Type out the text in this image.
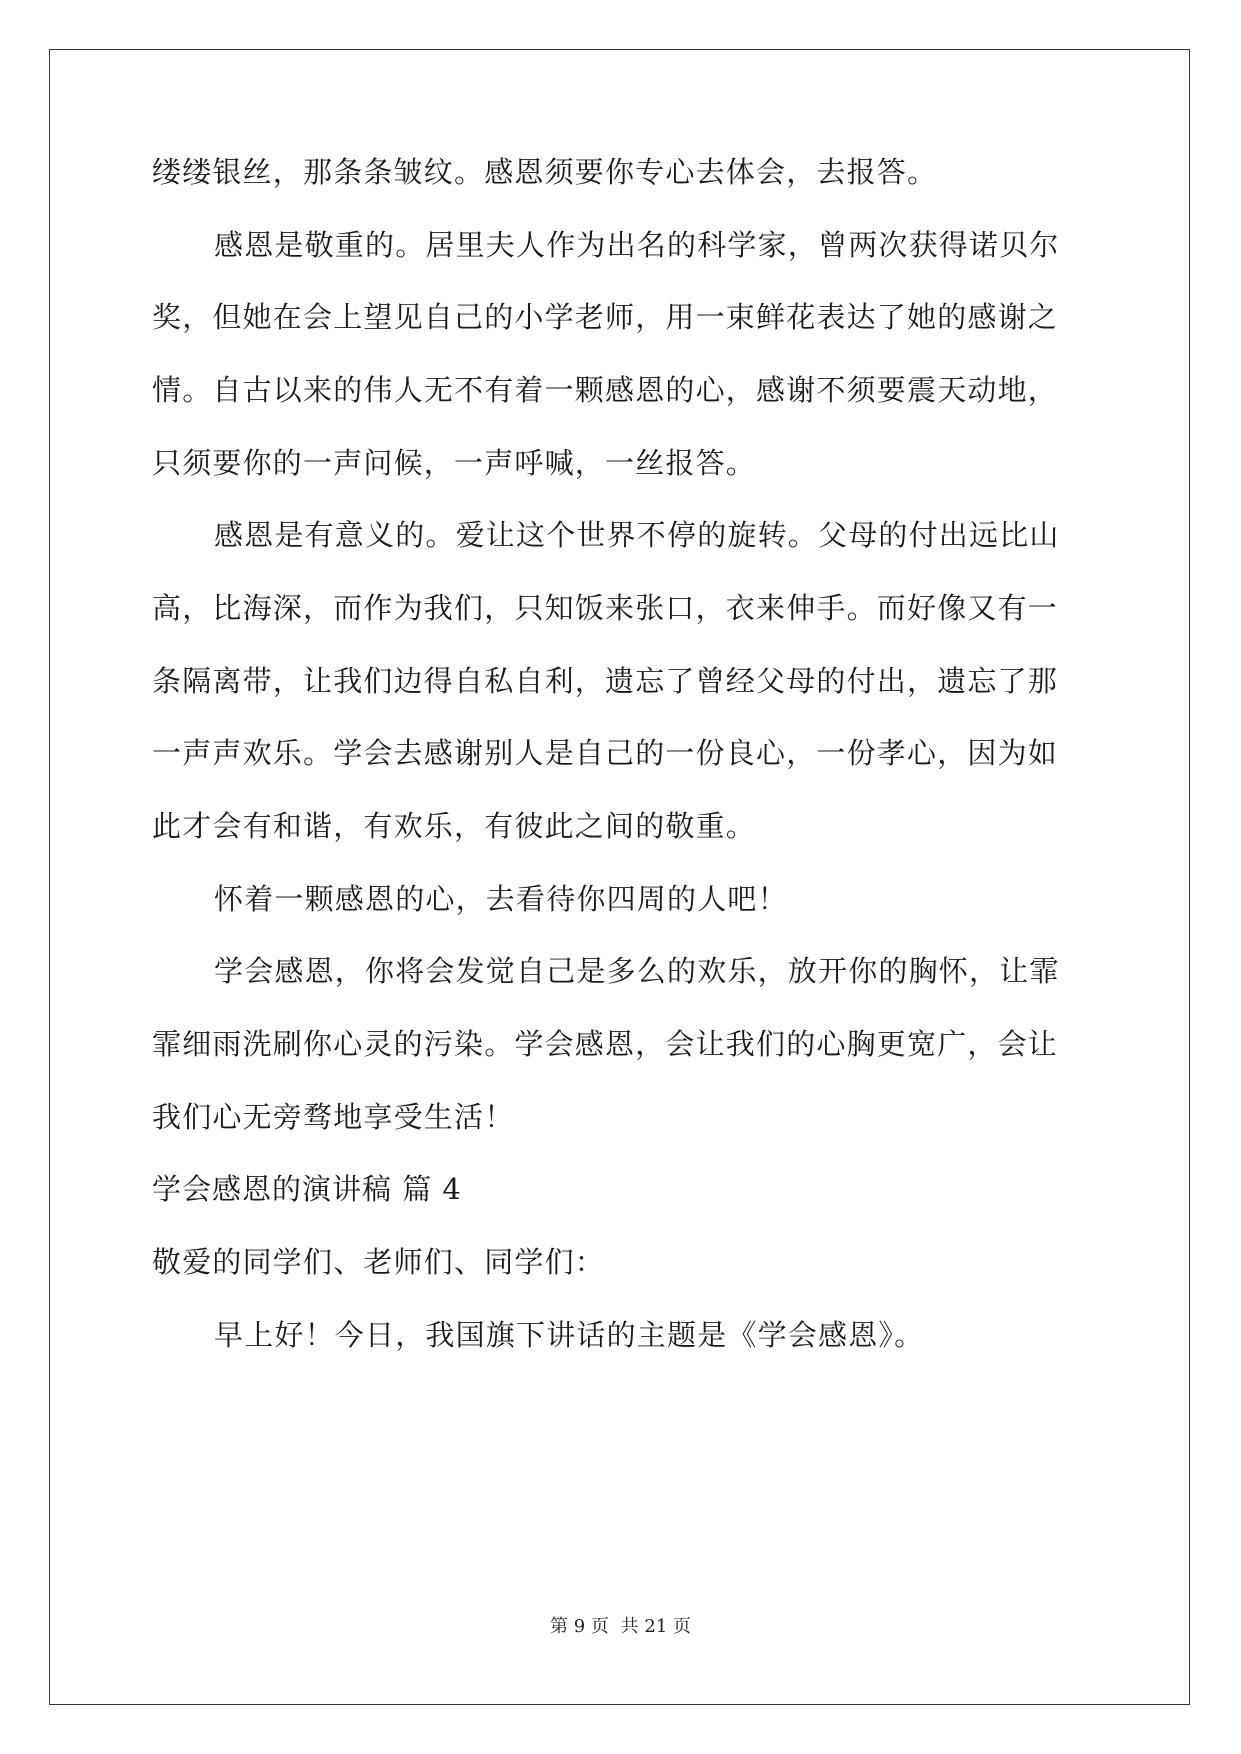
缕缕银丝，那条条皱纹。感恩须要你专心去体会，去报答。
感恩是敬重的。居里夫人作为出名的科学家，曾两次获得诺贝尔
奖，但她在会上望见自己的小学老师，用一束鲜花表达了她的感谢之
情。自古以来的伟人无不有着一颗感恩的心，感谢不须要震天动地，
只须要你的一声问候，一声呼喊，一丝报答。
感恩是有意义的。爱让这个世界不停的旋转。父母的付出远比山
高，比海深，而作为我们，只知饭来张口，衣来伸手。而好像又有一
条隔离带，让我们边得自私自利，遗忘了曾经父母的付出，遗忘了那
一声声欢乐。学会去感谢别人是自己的一份良心，一份孝心，因为如
此才会有和谐，有欢乐，有彼此之间的敬重。
怀着一颗感恩的心，去看待你四周的人吧！
学会感恩，你将会发觉自己是多么的欢乐，放开你的胸怀，让霏
霏细雨洗刷你心灵的污染。学会感恩，会让我们的心胸更宽广，会让
我们心无旁骛地享受生活！
学会感恩的演讲稿 篇 4
敬爱的同学们、老师们、同学们：
早上好！今日，我国旗下讲话的主题是《学会感恩》。
第 9 页 共 21 页
